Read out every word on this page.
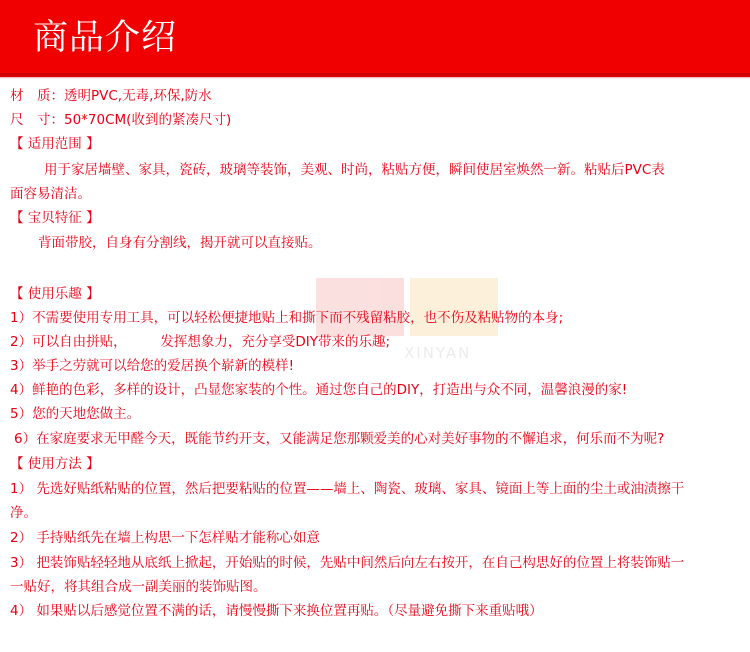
商品介绍
XINYAN
材　质：透明PVC,无毒,环保,防水
尺　寸：50*70CM(收到的紧凑尺寸)
【 适用范围 】
用于家居墙壁、家具，瓷砖，玻璃等装饰，美观、时尚，粘贴方便，瞬间使居室焕然一新。粘贴后PVC表
面容易清洁。
【 宝贝特征 】
背面带胶，自身有分割线，揭开就可以直接贴。
【 使用乐趣 】
1）不需要使用专用工具，可以轻松便捷地贴上和撕下而不残留粘胶，也不伤及粘贴物的本身;
2）可以自由拼贴，　　　发挥想象力，充分享受DIY带来的乐趣;
3）举手之劳就可以给您的爱居换个崭新的模样!
4）鲜艳的色彩，多样的设计，凸显您家装的个性。通过您自己的DIY，打造出与众不同，温馨浪漫的家!
5）您的天地您做主。
6）在家庭要求无甲醛今天，既能节约开支，又能满足您那颗爱美的心对美好事物的不懈追求，何乐而不为呢?
【 使用方法 】
1） 先选好贴纸粘贴的位置，然后把要粘贴的位置——墙上、陶瓷、玻璃、家具、镜面上等上面的尘土或油渍擦干
净。
2） 手持贴纸先在墙上构思一下怎样贴才能称心如意
3） 把装饰贴轻轻地从底纸上掀起，开始贴的时候，先贴中间然后向左右按开，在自己构思好的位置上将装饰贴一
一贴好，将其组合成一副美丽的装饰贴图。
4） 如果贴以后感觉位置不满的话，请慢慢撕下来换位置再贴。（尽量避免撕下来重贴哦）
